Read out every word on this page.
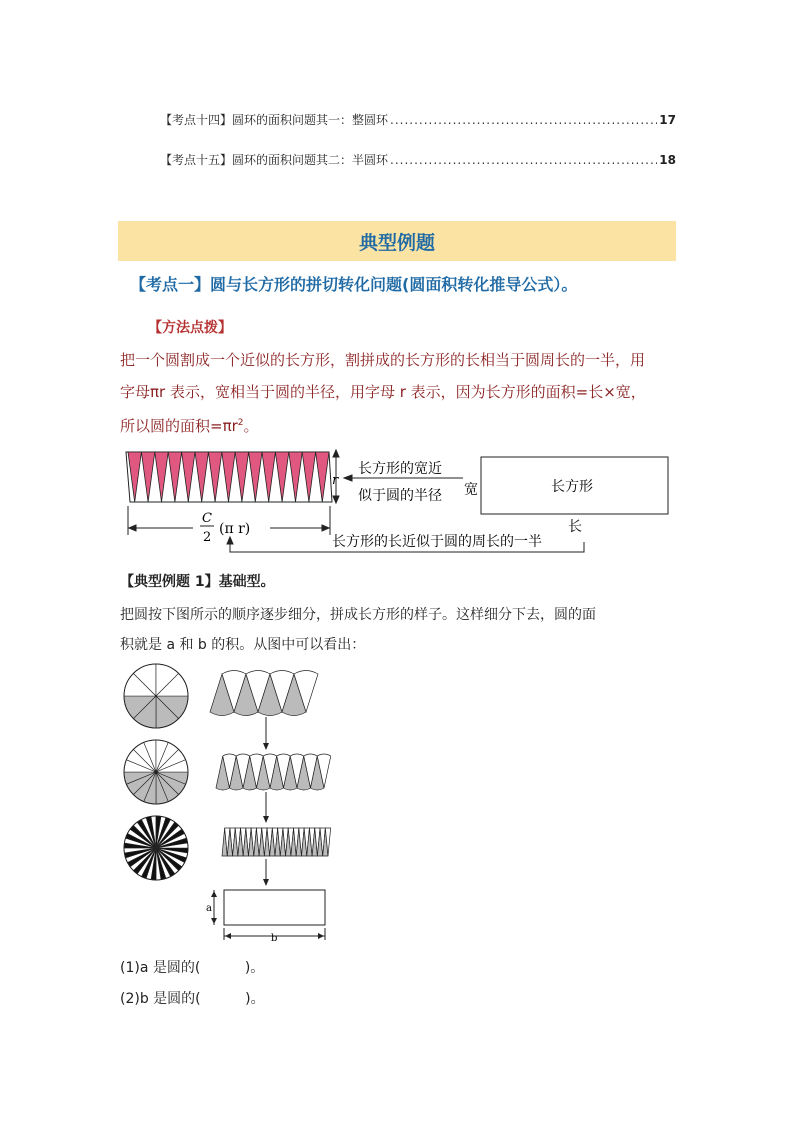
【考点十四】圆环的面积问题其一：整圆环 .....	17
【考点十五】圆环的面积问题其二：半圆环 .....	18
典型例题
【考点一】圆与长方形的拼切转化问题(圆面积转化推导公式）。
【方法点拨】
把一个圆割成一个近似的长方形，割拼成的长方形的长相当于圆周长的一半，用
字母πr 表示，宽相当于圆的半径，用字母 r 表示，因为长方形的面积=长×宽，
所以圆的面积$=\pi r^2$。
r
长方形的宽近
似于圆的半径 宽	长方形
C
2
(π r)
长方形的长近似于圆的周长的一半
长
【典型例题 1】基础型。
把圆按下图所示的顺序逐步细分，拼成长方形的样子。这样细分下去，圆的面
积就是 a 和 b 的积。从图中可以看出：
a
b
(1)a 是圆的(          )。
(2)b 是圆的(          )。
